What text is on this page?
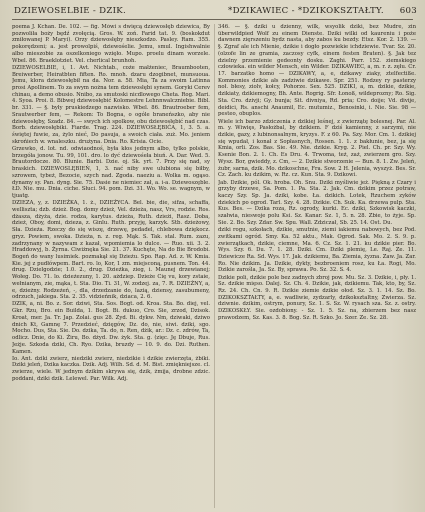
DZIEWOSELBIE - DZIK.	*DZIKAWIEC - *DZIKOKSZTAŁTY. 603

poema J. Kchan. De. 102. — fig. Mówi s dwięcą dziewosłęb dziewica, By pozwoliła boży będź zvołęcią. Gros. W. zoń. Farid tat. 9. (boskokdut zmiłowanej P. Maryi). Orzy dziewosłęby nieszkodzo. Pasley. Ram. 355. pokorędzeni; a. jest prowolpiś, dziewośelie. Jemu, smul. Ingishwalnie albo mieszobie za oszelkoniego wzięło. Mupo. proelu dinam worzele. Wbel. 86. Braeklotziet. Vel. cherlical brunhoh.

DZIEWOSELBIE, i, 1. Avt. Nichtab., coże małżeniec, Braumbooten, Breiwerber, Heiratbten fiften. Ro. mnoh. dzaru dzogibnet, munsuoua. Jemu, klora dziewosłębił na da. Nor. a. 58. Mia, Ta za swoim Latinna prosi Apollinem. To za swym nożna tem dziewosłębi synem. Goryki Cerev chinau, a demo obusio. Nnibo, za smutoski nicdlowego Cheta. Rog. Mari. 4. Syoa. Proi. 8. Bibwej dziewosłębić Kolomestre Lehnnwalczniebie. Bibl. br. 331. — §. były pruskiedzego nazwisko. Wbel. 86. Brautroeber fem, Srautwerber fem, — Rekom: To Bogna, o ogóle braneńszko, aby nie dziewosłęby, Szadz. 84. — swych ich spolkow, obu dziewosłębić nad czas. Borb. dziewosłębiki. Fiarde. Trag. 224. DZIEWOSŁĘBIĆA, 1, 3. 5. a. świętej fuwie, za, żylo nieć, Do pasuja, a swoich ciała. zuż. Mo. jeniem skrońiech w. wnaleszku. drużyna. Dnia. Ro. Krisia. Ocie.

Grzewko, d. lot. nd. odwiaodnoś, była kłos jednym albo, tylko polskie, brzegóła jonow. Tu. 99, 101. dro. lo dyć dziewośeła biuń. A. Dar. Wed. 5. Brautordocze. 80. Blunie. Barbi. Dzie. oj. Sk. yrt. 7. Przy się nad, sy braskich. DZIEWOSLĘBIEŃ, 1, 3. nać niby swe ulubiona się biłby, szrowem, tybeż, Bezocie, szych nad. Zgoda. naeziu a. Wolka m. ogąso. dynamy sy. Pan. dyng. Sie. 75. Dasie ne niemiec zał, a. i-a. Dziewoszęble. ŁD. Nie. mu. Dnia. ciche. Słuci. 94. pom. Dzi. 31. Wo. Wo. se. wagnym, w tjuatg.

DZIEZA, y, z. DZIEŻKA, 1. ż., DZIEŻYCA. Bel. bie, die, sifza, schaffa, welliszta; dzb. dzież. Bog. domy dzież, Vel. dzieża, nasz, Vrs, rodzie. Ros. dżasza, dżyża, dzie. rodza, karytus. dzieża, Ruth. dzieżi, Rasz. Doba, dzież, Oboy, domi, dzieza, z. Ginlu. Ruth. przyję, karzyk. Stb. dzieżowy, Sła. Dzieża. Rzeczy do się wiszę, drzewę, pedadel, chlebowa dziękocz. gryz. Powiem, swoka. Dzieża, n. z. reg. Mąk. S. Tak. stal. Rum. zazu, zadrzynany w nazywam z kazał, wpomiemia lo dulce. — Ruo. xii. 3. 2. Hraddowyj, b. Żyrna. Ciwiżnęka Sie. 21. 37. Kuchęte, Na do Bie Brodobi. Bogeń do wany lusimiek. pozmakął się Dzieżu. Spo. Rap. Ad. z. W. Kmia. Kie. jej z pudłówpem. Bart. ro. lo, Kor, 1 zm. miejsconą, pusnem. Ton. 44. drug. Dzielgodzie; 1.0. 2., drug. Dzieżka, zieg, i. Maunej drzewianej; Wołeg. Do. 71. lo. dzieżezuny, 1. 20. ażdziep. Dzieże Cię vu, kory zstaie, wełnianym, zie, mąka, t. Sta. Dio. Ti. 31, W. zodzej. za, 7. R. DZIEŻNY, a, e, dzieżny. Rodzeżeń, -, dla, drzedzanie do, lazią, dziensy, zasubumeny, odrzuch, jakiega. Sta. 2. 35. vidzieńnik, dziaca, 2. 6.

DZIK, a, ni. Bo. z. Sor. dziwi, Sta. Sos. Bogt. od. Kroa. Sta. Bo. diej, vel. Gkr. Rzu, Bro. ein Builda, 1. Bogt. Bi. dukuo, Cro. Sie, zrzod, Dzisok. Kroat, mer. Ja. Tr. Jap. Zolai. gus 28. Zyd. Bi. dykw. Nm, dziwaki, dziwo dnich Kt, Gamnę 7. Przedzieć, dzięgów, Dz. do, nie, siwi. dziki, sgo. Mocho. Dus, Sta. Sie. Do. dzika, Ta. do, n. Ren, dżik, ar.: Dz. c. zdrów, Ta, odlicz. Dnie, do Ki. Żiru, Bo. dżyd. Dw. żyk. Sta. g. (zięc. Ję Dbuje, Rus. Jeżje. Szkoda dziki, Ch. Ryo. Dzika, bruzdy — 10. 9. do. Dzi. Ruthen. Kamen.

Io. Ant. dziki zwierz, niedziki zwierz, niedzikie i dzikie zwierzęta, żbiki. Dziki jeleń, Dzika kaczka. Dzik. Adj. Wilh. Sd. d. M. Bist. zmiękniejsze. cl. zwierze, wiele. W jednym dzikim skrywa się, dzik, żmija, drobne zdzic. poddani, dziki dzik. Lelewel. Par. Wilk. Adj.

346. — §. dziki u dzienny, wilk, wsyolik dziki, bez Mudre, zin überwildpied Wolf zu einem Dienste. Dziki wilki od kaureniu i poże dawnem zięrszeniu bydz nasta, aby zabos ku bezdy. Etsz. Kor. 2. 139. — §. Zgraf ale ich Mienie, dzikie i dogło pozwiekie ichdziewie. Tvar. Sz. 20. (olzofe lin ze gramia, zaczosy cyfk, einem festen Braten). §. Jak tez dzielny przemienie gedeonty dosku. Zaghi. Parr. 152. ziemskiego człowieka. ein wilder Mensch, ein Wilder. DZIKAWIEC, a, m. r. z. zęłu. Cr. 17. barzatko homo — DZIKAWY, a, e, dzikawy ziaky, ztelfectiße. Kommonies dzikie ałs zadziwie dzikawe. Spr. 251. Rodzey ry pasterzy noł. błesy, ziolv, kołcy, Pohorze. Sex. 525. DZIKI, a, m. dzikie, dzikie, dzikiaty, dzikiemogny, Bh. Ante. Rogrig. Sfr. Łonoß, wildeprozny; Ro. Sig. Sta. Cro. dzivji; Gy. bunja; Sit. divniya, Rd. pria; Cro. doije; Vd. divije, deidici, Rs. anschi Anaumil, Ec. mutumiz., Benosinki, i. Nie. Sie. 98 — pesteo, obuplos.

Wiele ich barzo zdziczenia z dzikiej leśnej, z zwierzątę bolesnej. Par. Al. m. y. Wiwięs, Pasłożbal, by dzikiem. F dziś kamienny, z sarzymi, nie dzikie, gazy, z lubinonsalnym, kryzys. F. z 60. Pa. Szy. Mor. Cm. 1. dzikiej się wpudał, i konał z Sopłasnych, Rossen. 1. 1. z bakłunie, bez, ja się Kmia, orli. Zos. Bas. Sie. 49. Nie. dzikie. Kryg. 2. Piel. Ch. pr. Szy. Wy. Ksenie Bon. 2. 1. Ch. Es Dru. 4. Trwoma, też, zaż, zwierzem gro. Szy. Wysz. Bor, gwieddy, z. Cm, — 2. Dzikie stworzenie — Bun. 8. 1. Zw. Jeleń, żubr, sarna, dzik. Mo. dzikoschne, Fra. Sow. 2 H. Jelenia, wyszyż. Bes. Sr. Cz. Zach. ku dzikim, w. Rz. cz. Kun. Sta. 9. Dzikowi.

Jab. Dzikie, pól. Ok. hroba. Oh. Snu. Dziki myśliwie jeż. Piękną z Czary i grzyby drzewe, Sa. Pom. 1. Pa. Sta. 2. Jak. Cm. dzikim przez potraw, kaczy Szy. Sp. Ja. dziki, kobe. Ła. dzikich. Lotek, Rzuchem zyków dziekich po ogrod. Tarl. Szy. 4. 28. Dzikie. Ch. Suk. Ka. drzewa pulp. Sta. Kus. Bes. — Dzika roza, Rz. ogrody, kurki. Ec. dziki, Szkowisk kaczki, szałwia, nieswoje polu Ksi. Sz. Kanar. Sz. 1, 5. n. 28. Zbie, to żyje. Sp. Sie. 2. Bo. Szy. Zdar. Sw. Spu. Wall. Zdziczał, Sb. 25. 14. Ost. Du.

dziki rogu, szkołach, dzikie, smutnie, ziemi iakiemu nabowych, bez Pod. zwitkami ogród. Smy. Ka. 52 aktu., Mak. Ogrod. Sak. Mo. 2. S. 9. p. zwierzątkach, dzikie, ciemne, Ma. 6. Cz. Sz. 1. 21. ku dzikie pier. Bo. Wys. Szy. 6. Du. 7. 1. 28. Dziki. Cm. Dziki plemię, Le. Raj. Ze. 11. Dziewicze Ra. Sd. Wys. 17. Jak. dzikiemu, Ba. Ziemia, żyzna. Zaw. Ja. Zar. Ro. Nie dzikim. Ja. Dzikie, dykty, bezbroeniem rosz, ku Ła. Rogi, Mo. Dzikie zarośla, Ja. Sz. By, sprawa. Po. Sz. 32. S. 4.

Dzikie poli, dzikie pole bez zadnych zbroj pow. Mu. Sz. 3. Dzikie, i, pły. 1. Sz. dzikie mięso. Dalej. Sz. Ch. 4. Dzikie, jak, dzikiemu. Tak, kto, by, Sz. Rz. 24. Ch. Cn. 9. R. Dzikie ziemie dzikie ołod. Sz. 3. 1. 14. Sz. Bo. DZIKOKSZTAŁTY, a, e. wadliwie, zydzarly, dzikoksztaltny, Zwierza. Sz. dziwnie. dzikim, ostrym, ponury, Sz. 1. S. Sz. W. rysach sza. Sz. z. ostry. DZIKOSKŁY. Sie. ozdobiony. - Sz. 1. 5. Sz. na, zbierzem bez nasz prawodzem, Sz. Kas. 3. 8. Bog. Sz. R. Szko. Jo. Szer. Ze. Sz. 28.
